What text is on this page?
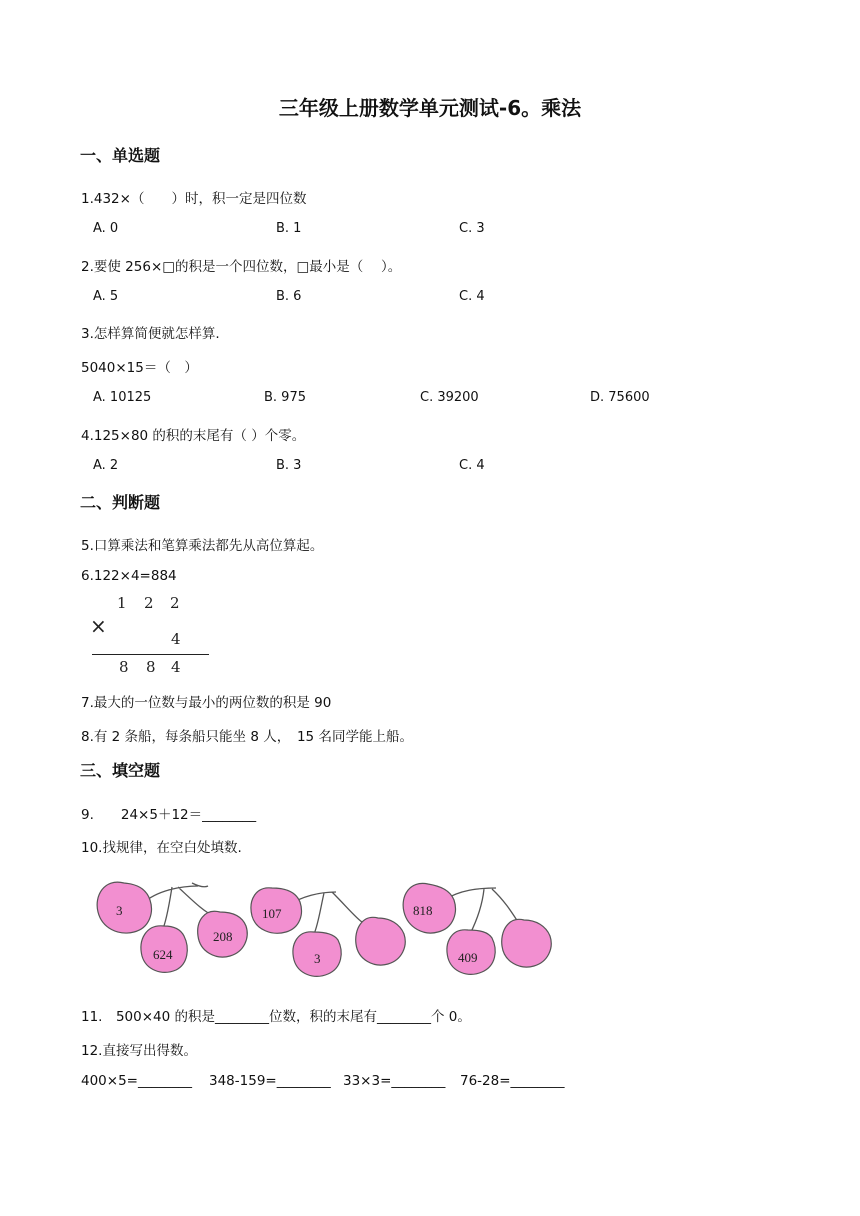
三年级上册数学单元测试-6。乘法
一、单选题
1.432×（　　）时，积一定是四位数
A. 0	B. 1	C. 3
2.要使 256×□的积是一个四位数，□最小是（　 ）。
A. 5	B. 6	C. 4
3.怎样算简便就怎样算.
5040×15＝（　）
A. 10125	B. 975	C. 39200	D. 75600
4.125×80 的积的末尾有（ ）个零。
A. 2	B. 3	C. 4
二、判断题
5.口算乘法和笔算乘法都先从高位算起。
6.122×4=884
1 2 2
×
4
8 8 4
7.最大的一位数与最小的两位数的积是 90
8.有 2 条船，每条船只能坐 8 人，　15 名同学能上船。
三、填空题
9.　　24×5＋12＝________
10.找规律，在空白处填数.
3
624
208
107
3
818
409
11.　500×40 的积是________位数，积的末尾有________个 0。
12.直接写出得数。
400×5=________ 348-159=________ 33×3=________ 76-28=________
